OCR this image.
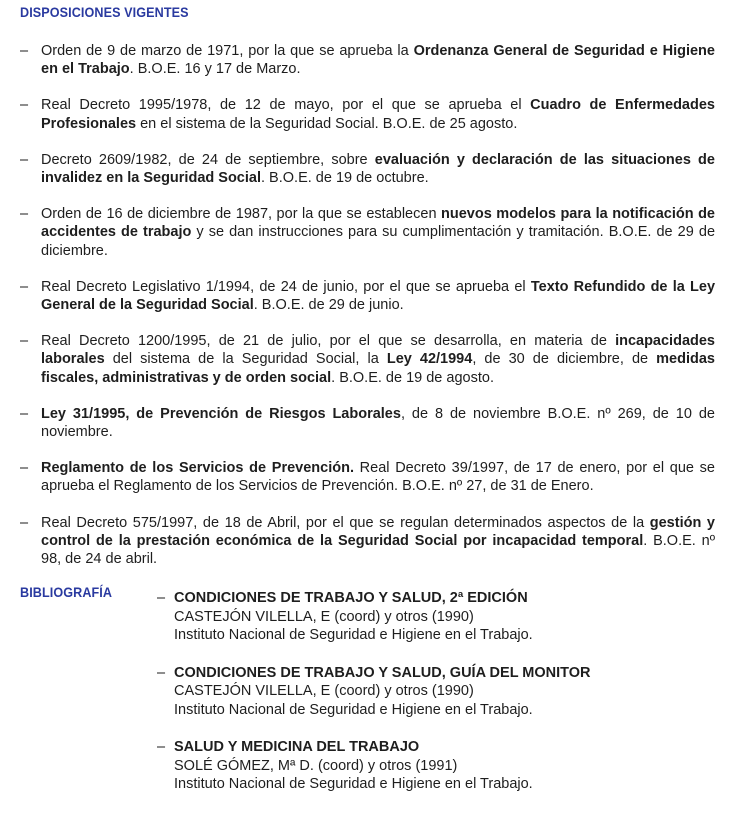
DISPOSICIONES VIGENTES
– Orden de 9 de marzo de 1971, por la que se aprueba la Ordenanza General de Seguridad e Higiene en el Trabajo. B.O.E. 16 y 17 de Marzo.
– Real Decreto 1995/1978, de 12 de mayo, por el que se aprueba el Cuadro de Enfermedades Profesionales en el sistema de la Seguridad Social. B.O.E. de 25 agosto.
– Decreto 2609/1982, de 24 de septiembre, sobre evaluación y declaración de las situaciones de invalidez en la Seguridad Social. B.O.E. de 19 de octubre.
– Orden de 16 de diciembre de 1987, por la que se establecen nuevos modelos para la notificación de accidentes de trabajo y se dan instrucciones para su cumplimentación y tramitación. B.O.E. de 29 de diciembre.
– Real Decreto Legislativo 1/1994, de 24 de junio, por el que se aprueba el Texto Refundido de la Ley General de la Seguridad Social. B.O.E. de 29 de junio.
– Real Decreto 1200/1995, de 21 de julio, por el que se desarrolla, en materia de incapacidades laborales del sistema de la Seguridad Social, la Ley 42/1994, de 30 de diciembre, de medidas fiscales, administrativas y de orden social. B.O.E. de 19 de agosto.
– Ley 31/1995, de Prevención de Riesgos Laborales, de 8 de noviembre B.O.E. nº 269, de 10 de noviembre.
– Reglamento de los Servicios de Prevención. Real Decreto 39/1997, de 17 de enero, por el que se aprueba el Reglamento de los Servicios de Prevención. B.O.E. nº 27, de 31 de Enero.
– Real Decreto 575/1997, de 18 de Abril, por el que se regulan determinados aspectos de la gestión y control de la prestación económica de la Seguridad Social por incapacidad temporal. B.O.E. nº 98, de 24 de abril.
BIBLIOGRAFÍA	– CONDICIONES DE TRABAJO Y SALUD, 2ª EDICIÓN
CASTEJÓN VILELLA, E (coord) y otros (1990)
Instituto Nacional de Seguridad e Higiene en el Trabajo.
– CONDICIONES DE TRABAJO Y SALUD, GUÍA DEL MONITOR
CASTEJÓN VILELLA, E (coord) y otros (1990)
Instituto Nacional de Seguridad e Higiene en el Trabajo.
– SALUD Y MEDICINA DEL TRABAJO
SOLÉ GÓMEZ, Mª D. (coord) y otros (1991)
Instituto Nacional de Seguridad e Higiene en el Trabajo.
